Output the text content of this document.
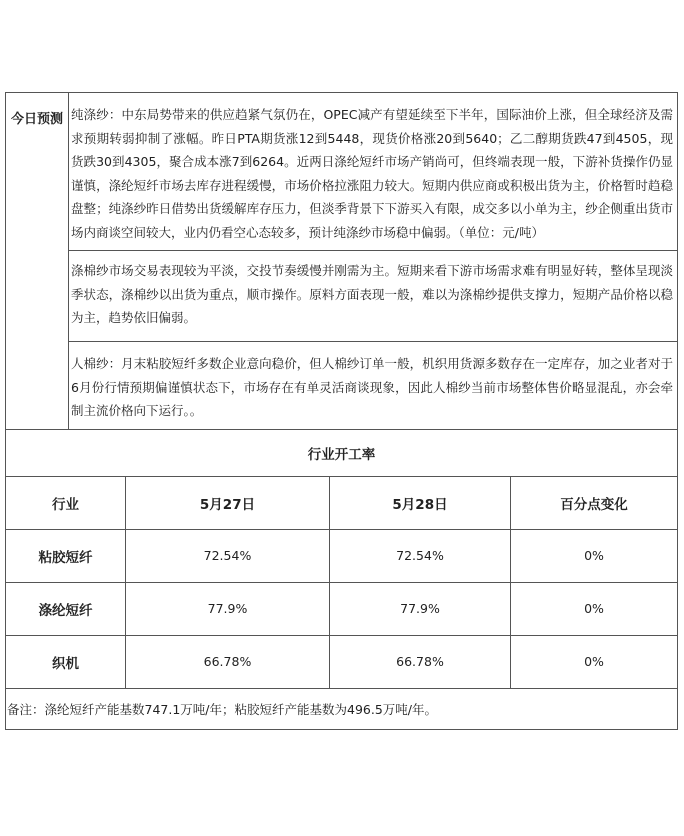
今日预测	纯涤纱：中东局势带来的供应趋紧气氛仍在，OPEC减产有望延续至下半年，国际油价上涨，但全球经济及需求预期转弱抑制了涨幅。昨日PTA期货涨12到5448，现货价格涨20到5640；乙二醇期货跌47到4505，现货跌30到4305，聚合成本涨7到6264。近两日涤纶短纤市场产销尚可，但终端表现一般，下游补货操作仍显谨慎，涤纶短纤市场去库存进程缓慢，市场价格拉涨阻力较大。短期内供应商或积极出货为主，价格暂时趋稳盘整；纯涤纱昨日借势出货缓解库存压力，但淡季背景下下游买入有限，成交多以小单为主，纱企侧重出货市场内商谈空间较大，业内仍看空心态较多，预计纯涤纱市场稳中偏弱。（单位：元/吨）
涤棉纱市场交易表现较为平淡，交投节奏缓慢并刚需为主。短期来看下游市场需求难有明显好转，整体呈现淡季状态，涤棉纱以出货为重点，顺市操作。原料方面表现一般，难以为涤棉纱提供支撑力，短期产品价格以稳为主，趋势依旧偏弱。
人棉纱：月末粘胶短纤多数企业意向稳价，但人棉纱订单一般，机织用货源多数存在一定库存，加之业者对于6月份行情预期偏谨慎状态下，市场存在有单灵活商谈现象，因此人棉纱当前市场整体售价略显混乱，亦会牵制主流价格向下运行。。
行业开工率			
行业	5月27日	5月28日	百分点变化
粘胶短纤	72.54%	72.54%	0%
涤纶短纤	77.9%	77.9%	0%
织机	66.78%	66.78%	0%
备注：涤纶短纤产能基数747.1万吨/年；粘胶短纤产能基数为496.5万吨/年。			
